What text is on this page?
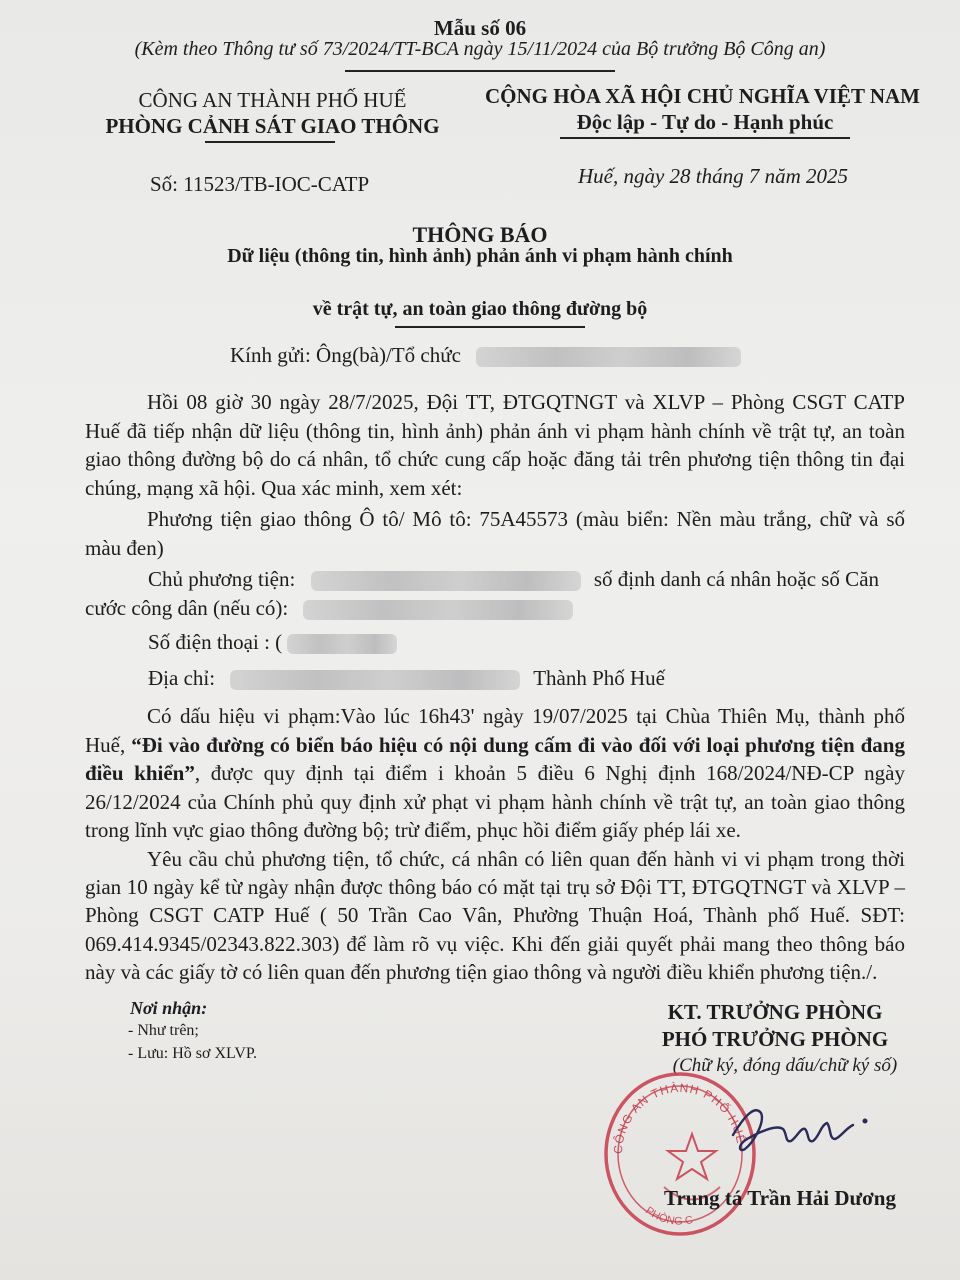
Mẫu số 06
(Kèm theo Thông tư số 73/2024/TT-BCA ngày 15/11/2024 của Bộ trưởng Bộ Công an)
CÔNG AN THÀNH PHỐ HUẾ
PHÒNG CẢNH SÁT GIAO THÔNG
CỘNG HÒA XÃ HỘI CHỦ NGHĨA VIỆT NAM
Độc lập - Tự do - Hạnh phúc
Số: 11523/TB-IOC-CATP	Huế, ngày 28 tháng 7 năm 2025
THÔNG BÁO
Dữ liệu (thông tin, hình ảnh) phản ánh vi phạm hành chính
về trật tự, an toàn giao thông đường bộ
Kính gửi: Ông(bà)/Tổ chức
Hồi 08 giờ 30 ngày 28/7/2025, Đội TT, ĐTGQTNGT và XLVP – Phòng CSGT CATP Huế đã tiếp nhận dữ liệu (thông tin, hình ảnh) phản ánh vi phạm hành chính về trật tự, an toàn giao thông đường bộ do cá nhân, tổ chức cung cấp hoặc đăng tải trên phương tiện thông tin đại chúng, mạng xã hội. Qua xác minh, xem xét:
Phương tiện giao thông Ô tô/ Mô tô: 75A45573 (màu biển: Nền màu trắng, chữ và số màu đen)
Chủ phương tiện:	số định danh cá nhân hoặc số Căn
cước công dân (nếu có):
Số điện thoại : (
Địa chỉ:	Thành Phố Huế
Có dấu hiệu vi phạm:Vào lúc 16h43' ngày 19/07/2025 tại Chùa Thiên Mụ, thành phố Huế, “Đi vào đường có biển báo hiệu có nội dung cấm đi vào đối với loại phương tiện đang điều khiển”, được quy định tại điểm i khoản 5 điều 6 Nghị định 168/2024/NĐ-CP ngày 26/12/2024 của Chính phủ quy định xử phạt vi phạm hành chính về trật tự, an toàn giao thông trong lĩnh vực giao thông đường bộ; trừ điểm, phục hồi điểm giấy phép lái xe.
Yêu cầu chủ phương tiện, tổ chức, cá nhân có liên quan đến hành vi vi phạm trong thời gian 10 ngày kể từ ngày nhận được thông báo có mặt tại trụ sở Đội TT, ĐTGQTNGT và XLVP – Phòng CSGT CATP Huế ( 50 Trần Cao Vân, Phường Thuận Hoá, Thành phố Huế. SĐT: 069.414.9345/02343.822.303) để làm rõ vụ việc. Khi đến giải quyết phải mang theo thông báo này và các giấy tờ có liên quan đến phương tiện giao thông và người điều khiển phương tiện./.
Nơi nhận:
- Như trên;
- Lưu: Hồ sơ XLVP.
KT. TRƯỞNG PHÒNG
PHÓ TRƯỞNG PHÒNG
(Chữ ký, đóng dấu/chữ ký số)
CÔNG AN THÀNH PHỐ HUẾ
PHÒNG C
Trung tá Trần Hải Dương
